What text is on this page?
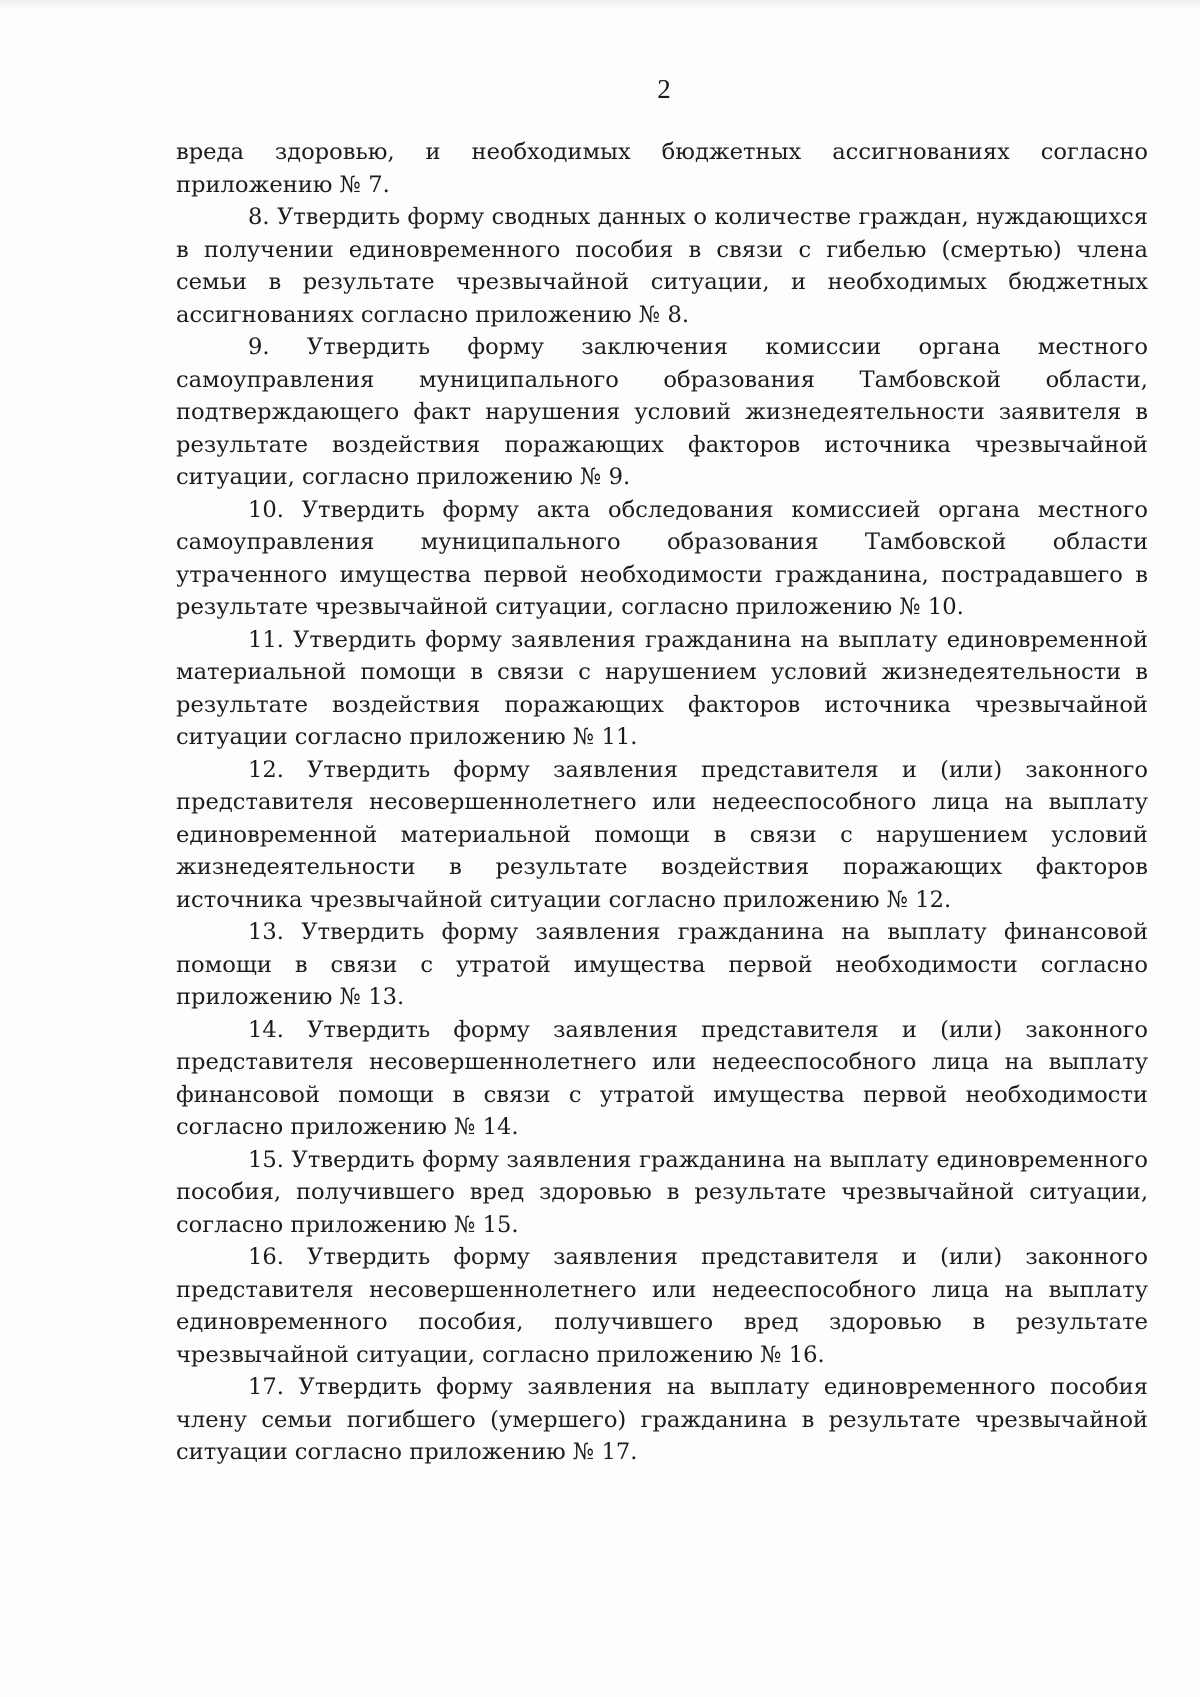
2

вреда здоровью, и необходимых бюджетных ассигнованиях согласно приложению № 7.

8. Утвердить форму сводных данных о количестве граждан, нуждающихся в получении единовременного пособия в связи с гибелью (смертью) члена семьи в результате чрезвычайной ситуации, и необходимых бюджетных ассигнованиях согласно приложению № 8.

9. Утвердить форму заключения комиссии органа местного самоуправления муниципального образования Тамбовской области, подтверждающего факт нарушения условий жизнедеятельности заявителя в результате воздействия поражающих факторов источника чрезвычайной ситуации, согласно приложению № 9.

10. Утвердить форму акта обследования комиссией органа местного самоуправления муниципального образования Тамбовской области утраченного имущества первой необходимости гражданина, пострадавшего в результате чрезвычайной ситуации, согласно приложению № 10.

11. Утвердить форму заявления гражданина на выплату единовременной материальной помощи в связи с нарушением условий жизнедеятельности в результате воздействия поражающих факторов источника чрезвычайной ситуации согласно приложению № 11.

12. Утвердить форму заявления представителя и (или) законного представителя несовершеннолетнего или недееспособного лица на выплату единовременной материальной помощи в связи с нарушением условий жизнедеятельности в результате воздействия поражающих факторов источника чрезвычайной ситуации согласно приложению № 12.

13. Утвердить форму заявления гражданина на выплату финансовой помощи в связи с утратой имущества первой необходимости согласно приложению № 13.

14. Утвердить форму заявления представителя и (или) законного представителя несовершеннолетнего или недееспособного лица на выплату финансовой помощи в связи с утратой имущества первой необходимости согласно приложению № 14.

15. Утвердить форму заявления гражданина на выплату единовременного пособия, получившего вред здоровью в результате чрезвычайной ситуации, согласно приложению № 15.

16. Утвердить форму заявления представителя и (или) законного представителя несовершеннолетнего или недееспособного лица на выплату единовременного пособия, получившего вред здоровью в результате чрезвычайной ситуации, согласно приложению № 16.

17. Утвердить форму заявления на выплату единовременного пособия члену семьи погибшего (умершего) гражданина в результате чрезвычайной ситуации согласно приложению № 17.
